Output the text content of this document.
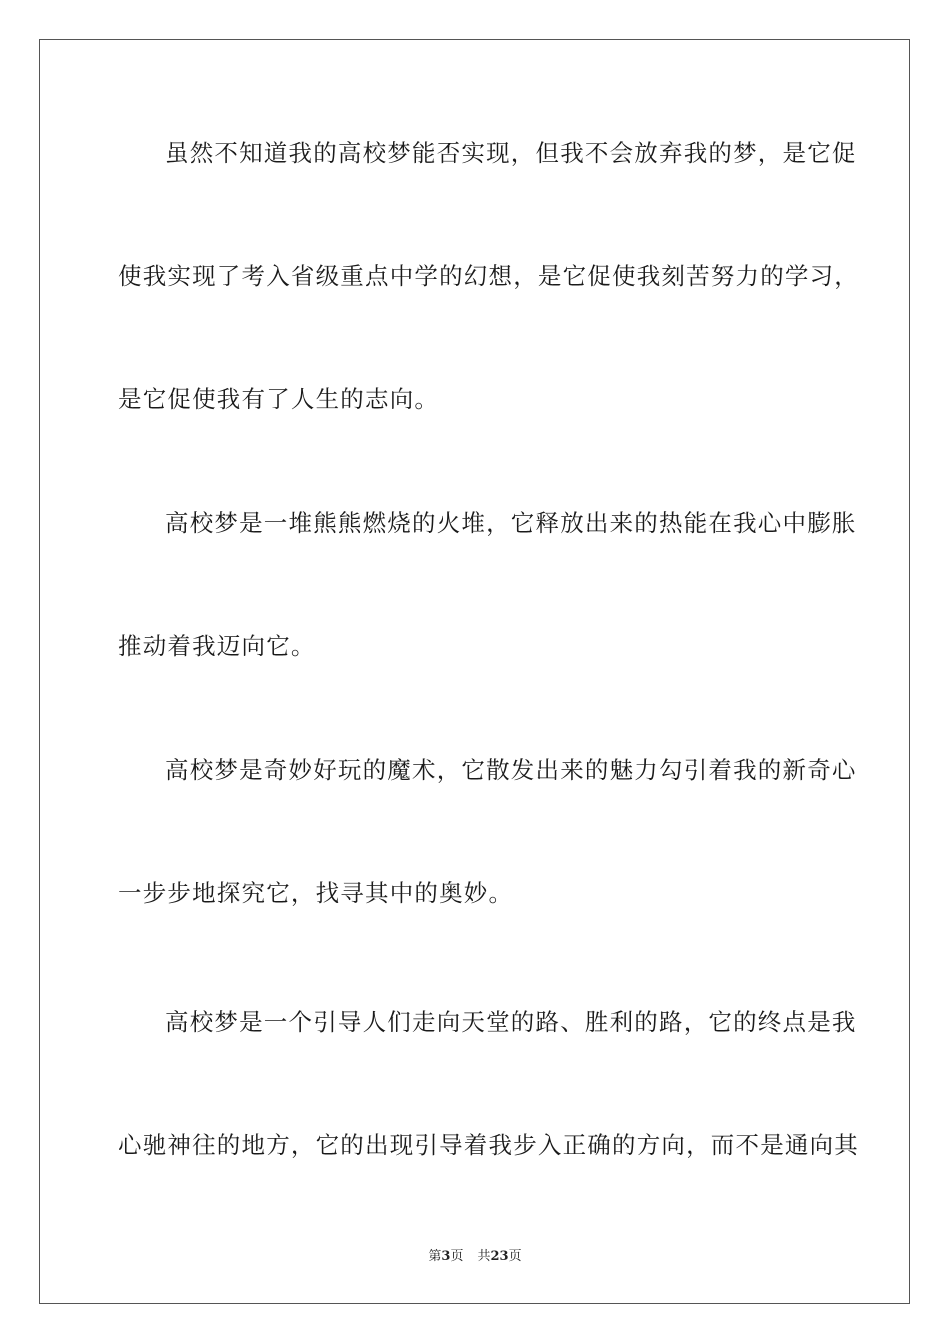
虽然不知道我的高校梦能否实现，但我不会放弃我的梦，是它促
使我实现了考入省级重点中学的幻想，是它促使我刻苦努力的学习，
是它促使我有了人生的志向。
高校梦是一堆熊熊燃烧的火堆，它释放出来的热能在我心中膨胀
推动着我迈向它。
高校梦是奇妙好玩的魔术，它散发出来的魅力勾引着我的新奇心
一步步地探究它，找寻其中的奥妙。
高校梦是一个引导人们走向天堂的路、胜利的路，它的终点是我
心驰神往的地方，它的出现引导着我步入正确的方向，而不是通向其
第3页 共23页
